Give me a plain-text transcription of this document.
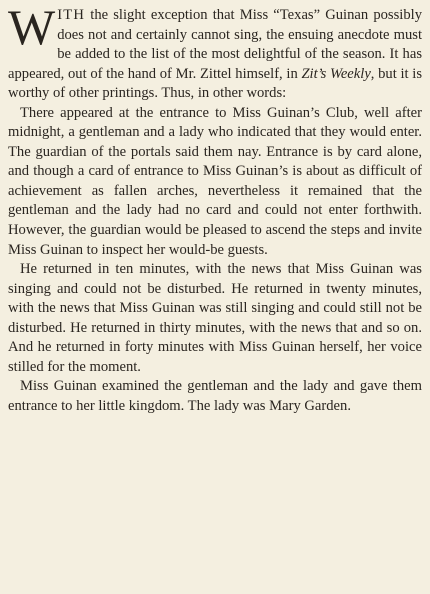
WITH the slight exception that Miss “Texas” Guinan possibly does not and certainly cannot sing, the ensuing anecdote must be added to the list of the most delightful of the season. It has appeared, out of the hand of Mr. Zittel himself, in Zit’s Weekly, but it is worthy of other printings. Thus, in other words:

There appeared at the entrance to Miss Guinan’s Club, well after midnight, a gentleman and a lady who indicated that they would enter. The guardian of the portals said them nay. Entrance is by card alone, and though a card of entrance to Miss Guinan’s is about as difficult of achievement as fallen arches, nevertheless it remained that the gentleman and the lady had no card and could not enter forthwith. However, the guardian would be pleased to ascend the steps and invite Miss Guinan to inspect her would-be guests.

He returned in ten minutes, with the news that Miss Guinan was singing and could not be disturbed. He returned in twenty minutes, with the news that Miss Guinan was still singing and could still not be disturbed. He returned in thirty minutes, with the news that and so on. And he returned in forty minutes with Miss Guinan herself, her voice stilled for the moment.

Miss Guinan examined the gentleman and the lady and gave them entrance to her little kingdom. The lady was Mary Garden.
